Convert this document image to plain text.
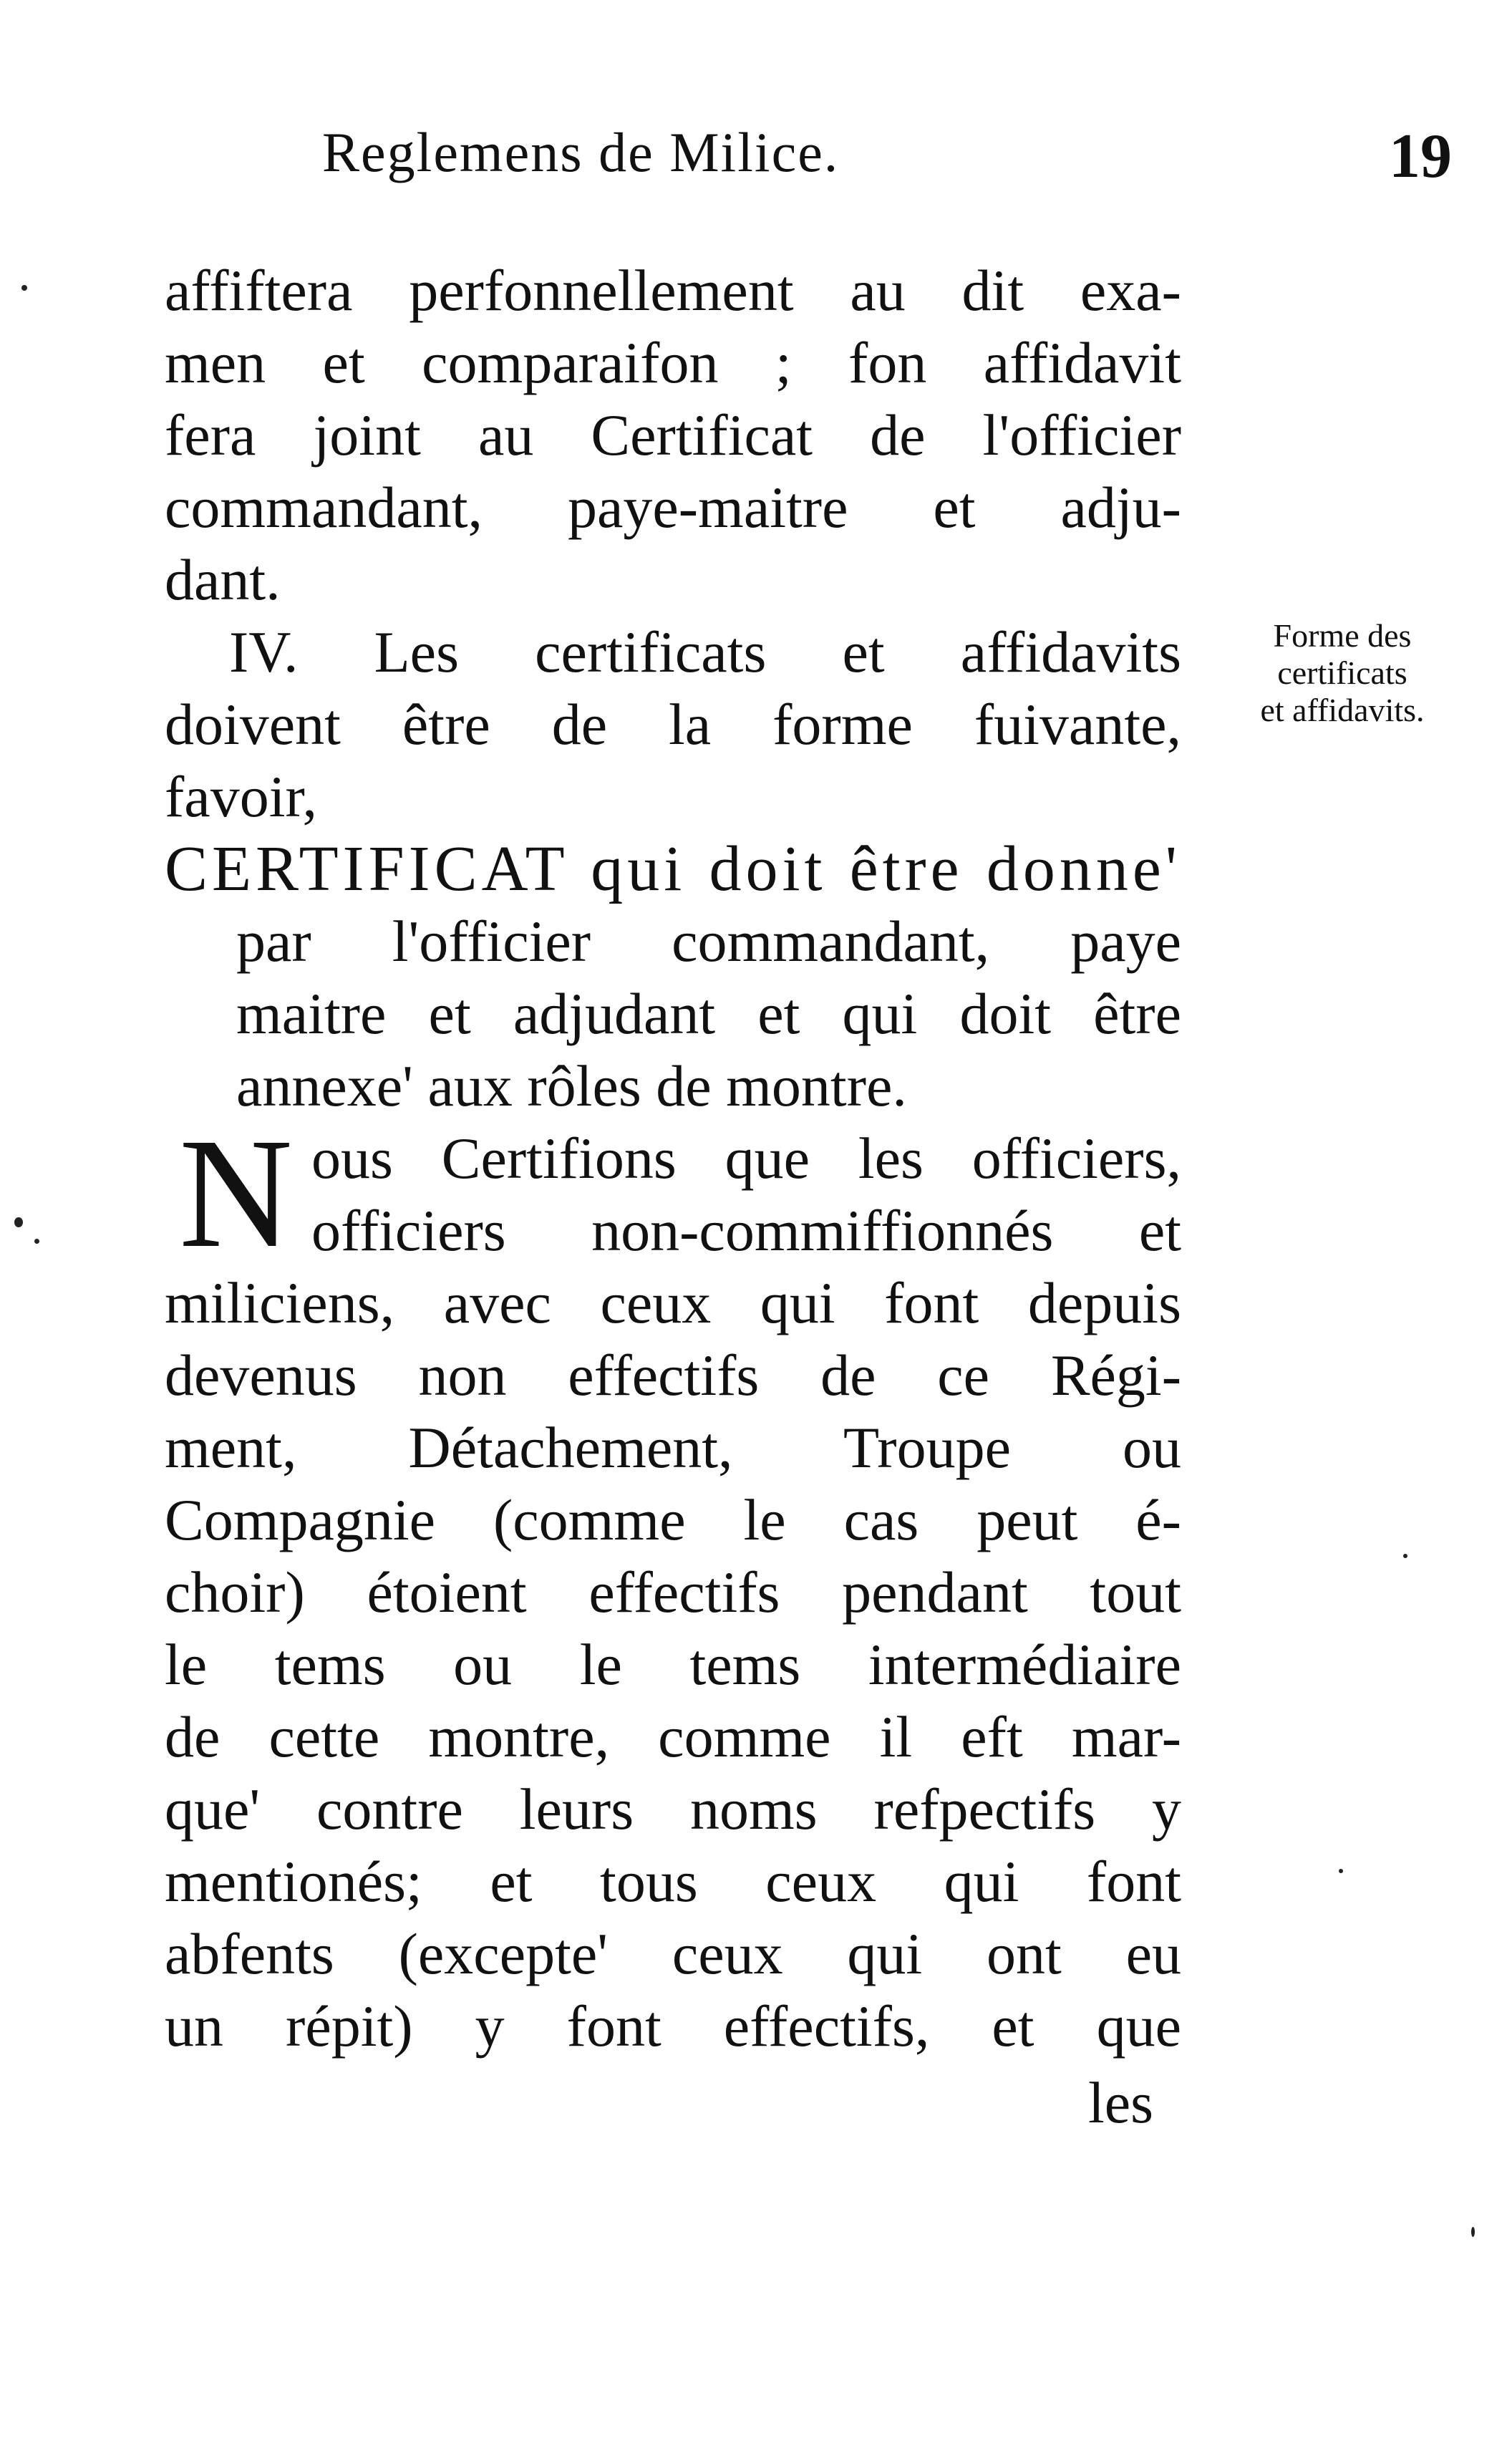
Reglemens de Milice.	19

affiftera perfonnellement au dit exa-
men et comparaifon ; fon affidavit
fera joint au Certificat de l'officier
commandant, paye-maitre et adju-
dant.

IV. Les certificats et affidavits
doivent être de la forme fuivante,
favoir,

CERTIFICAT qui doit être donne'
par l'officier commandant, paye
maitre et adjudant et qui doit être
annexe' aux rôles de montre.

N ous Certifions que les officiers,
officiers non-commiffionnés et
miliciens, avec ceux qui font depuis
devenus non effectifs de ce Régi-
ment, Détachement, Troupe ou
Compagnie (comme le cas peut é-
choir) étoient effectifs pendant tout
le tems ou le tems intermédiaire
de cette montre, comme il eft mar-
que' contre leurs noms refpectifs y
mentionés; et tous ceux qui font
abfents (excepte' ceux qui ont eu
un répit) y font effectifs, et que
les
Forme des
certificats
et affidavits.
